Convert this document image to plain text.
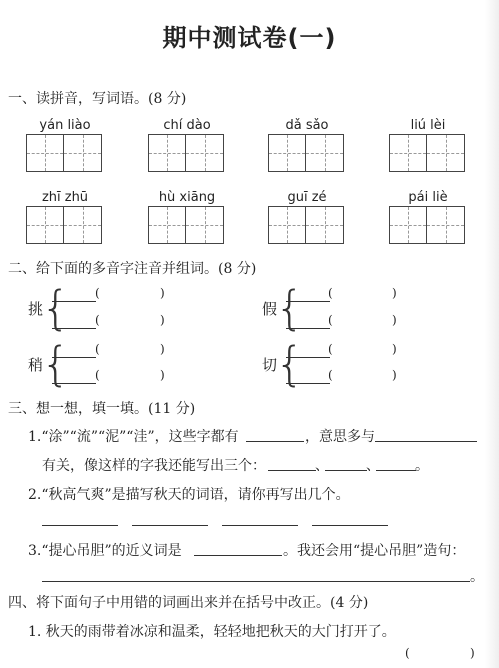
期中测试卷(一)
一、读拼音，写词语。(8 分)
yán liào	chí dào	dǎ sǎo	liú lèi
zhī zhū	hù xiāng	guī zé	pái liè
二、给下面的多音字注音并组词。(8 分)
挑
{ (	)
(	)
假
{ (	)
(	)
稍
{ (	)
(	)
切
{ (	)
(	)
三、想一想，填一填。(11 分)
1.“涂”“流”“泥”“洼”，这些字都有	，意思多与
有关，像这样的字我还能写出三个：	、	、	。
2.“秋高气爽”是描写秋天的词语，请你再写出几个。
3.“提心吊胆”的近义词是	。我还会用“提心吊胆”造句：
。
四、将下面句子中用错的词画出来并在括号中改正。(4 分)
1. 秋天的雨带着冰凉和温柔，轻轻地把秋天的大门打开了。
(	)
